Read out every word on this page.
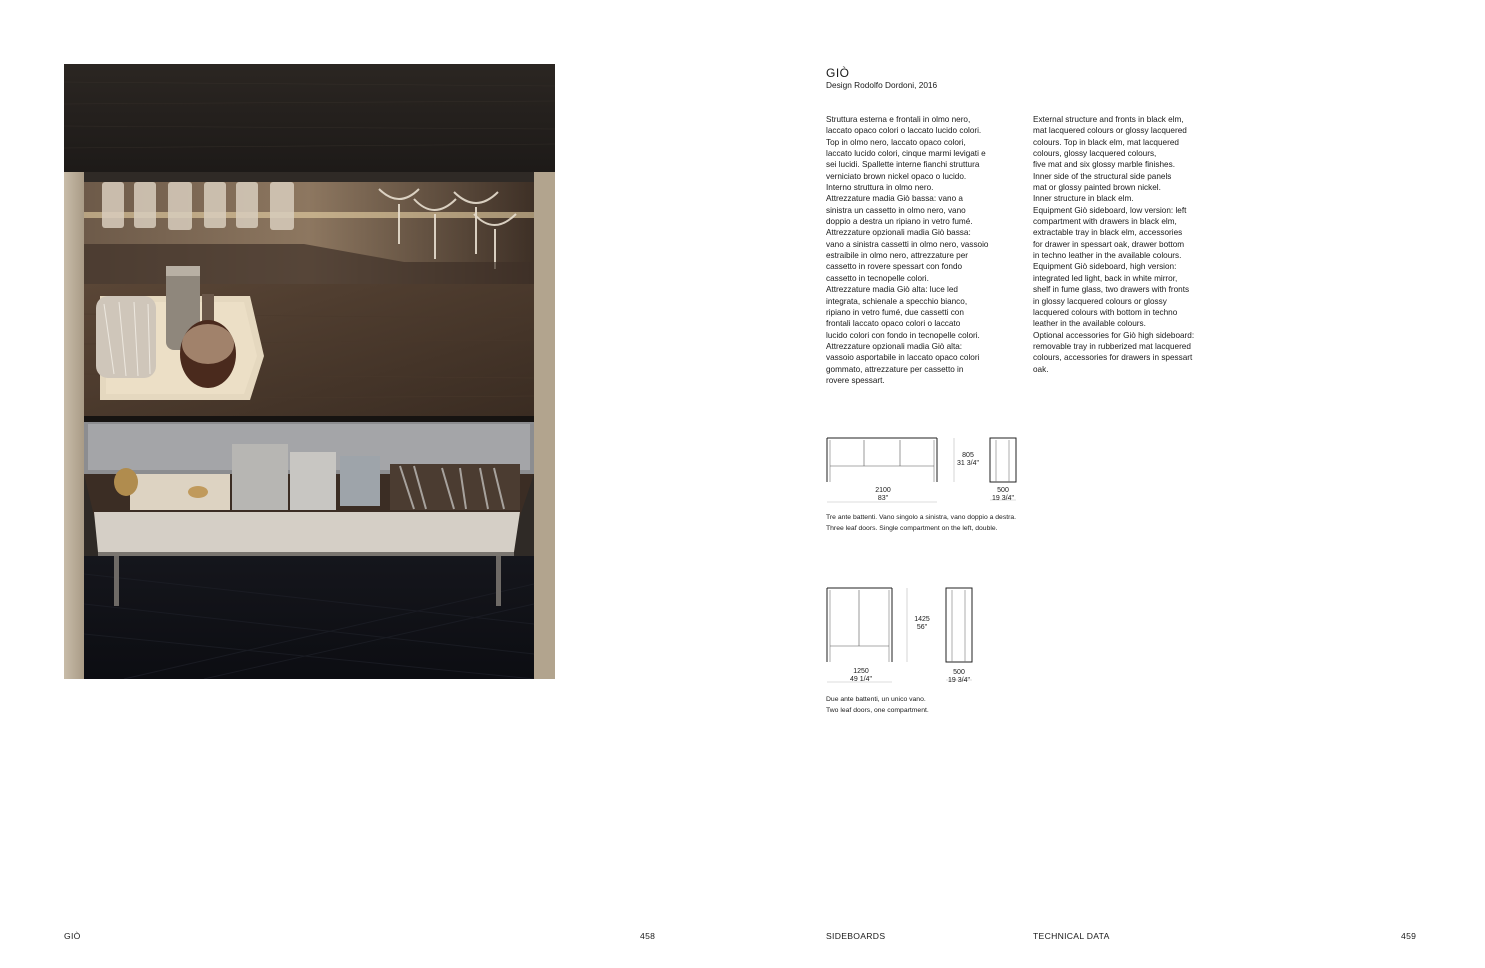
GIÒ
Design Rodolfo Dordoni, 2016
Struttura esterna e frontali in olmo nero,
laccato opaco colori o laccato lucido colori.
Top in olmo nero, laccato opaco colori,
laccato lucido colori, cinque marmi levigati e
sei lucidi. Spallette interne fianchi struttura
verniciato brown nickel opaco o lucido.
Interno struttura in olmo nero.
Attrezzature madia Giò bassa: vano a
sinistra un cassetto in olmo nero, vano
doppio a destra un ripiano in vetro fumé.
Attrezzature opzionali madia Giò bassa:
vano a sinistra cassetti in olmo nero, vassoio
estraibile in olmo nero, attrezzature per
cassetto in rovere spessart con fondo
cassetto in tecnopelle colori.
Attrezzature madia Giò alta: luce led
integrata, schienale a specchio bianco,
ripiano in vetro fumé, due cassetti con
frontali laccato opaco colori o laccato
lucido colori con fondo in tecnopelle colori.
Attrezzature opzionali madia Giò alta:
vassoio asportabile in laccato opaco colori
gommato, attrezzature per cassetto in
rovere spessart.
External structure and fronts in black elm,
mat lacquered colours or glossy lacquered
colours. Top in black elm, mat lacquered
colours, glossy lacquered colours,
five mat and six glossy marble finishes.
Inner side of the structural side panels
mat or glossy painted brown nickel.
Inner structure in black elm.
Equipment Giò sideboard, low version: left
compartment with drawers in black elm,
extractable tray in black elm, accessories
for drawer in spessart oak, drawer bottom
in techno leather in the available colours.
Equipment Giò sideboard, high version:
integrated led light, back in white mirror,
shelf in fume glass, two drawers with fronts
in glossy lacquered colours or glossy
lacquered colours with bottom in techno
leather in the available colours.
Optional accessories for Giò high sideboard:
removable tray in rubberized mat lacquered
colours, accessories for drawers in spessart
oak.
805
31 3/4"
2100
83"
500
19 3/4"
Tre ante battenti. Vano singolo a sinistra, vano doppio a destra.
Three leaf doors. Single compartment on the left, double.
1425
56"
1250
49 1/4"
500
19 3/4"
Due ante battenti, un unico vano.
Two leaf doors, one compartment.
GIÒ	458	SIDEBOARDS	TECHNICAL DATA	459
